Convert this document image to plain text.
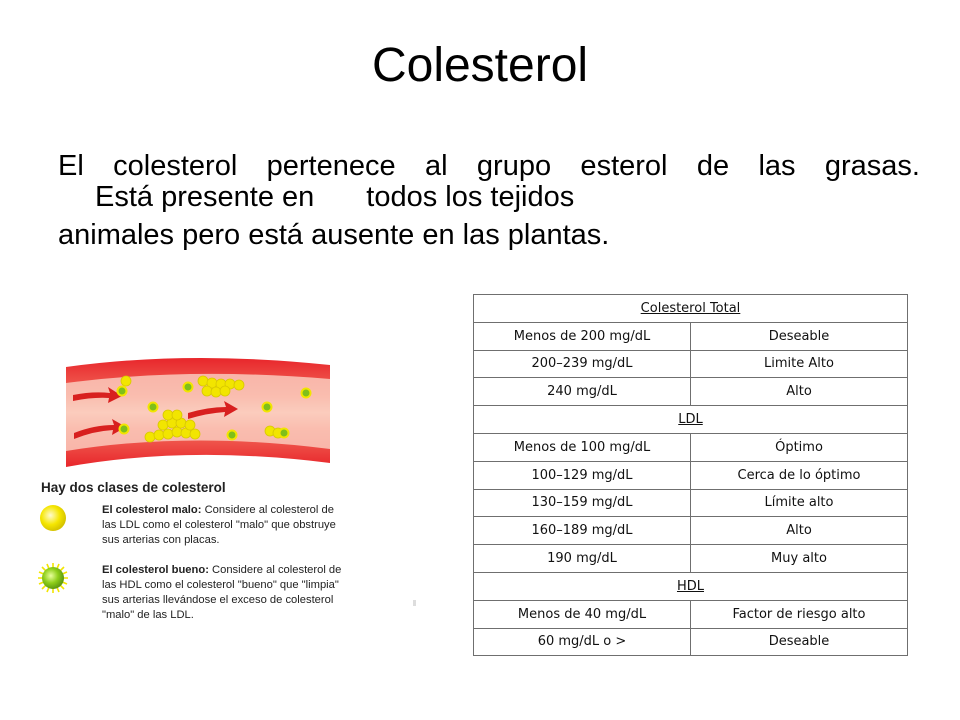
Colesterol
El colesterol pertenece al grupo esterol de las grasas.
Está presente en todos los tejidos
animales pero está ausente en las plantas.
Hay dos clases de colesterol
El colesterol malo: Considere al colesterol de las LDL como el colesterol "malo" que obstruye sus arterias con placas.
El colesterol bueno: Considere al colesterol de las HDL como el colesterol "bueno" que "limpia" sus arterias llevándose el exceso de colesterol "malo" de las LDL.
Colesterol Total	
Menos de 200 mg/dL	Deseable
200–239 mg/dL	Limite Alto
240 mg/dL	Alto
LDL	
Menos de 100 mg/dL	Óptimo
100–129 mg/dL	Cerca de lo óptimo
130–159 mg/dL	Límite alto
160–189 mg/dL	Alto
190 mg/dL	Muy alto
HDL	
Menos de 40 mg/dL	Factor de riesgo alto
60 mg/dL o >	Deseable
